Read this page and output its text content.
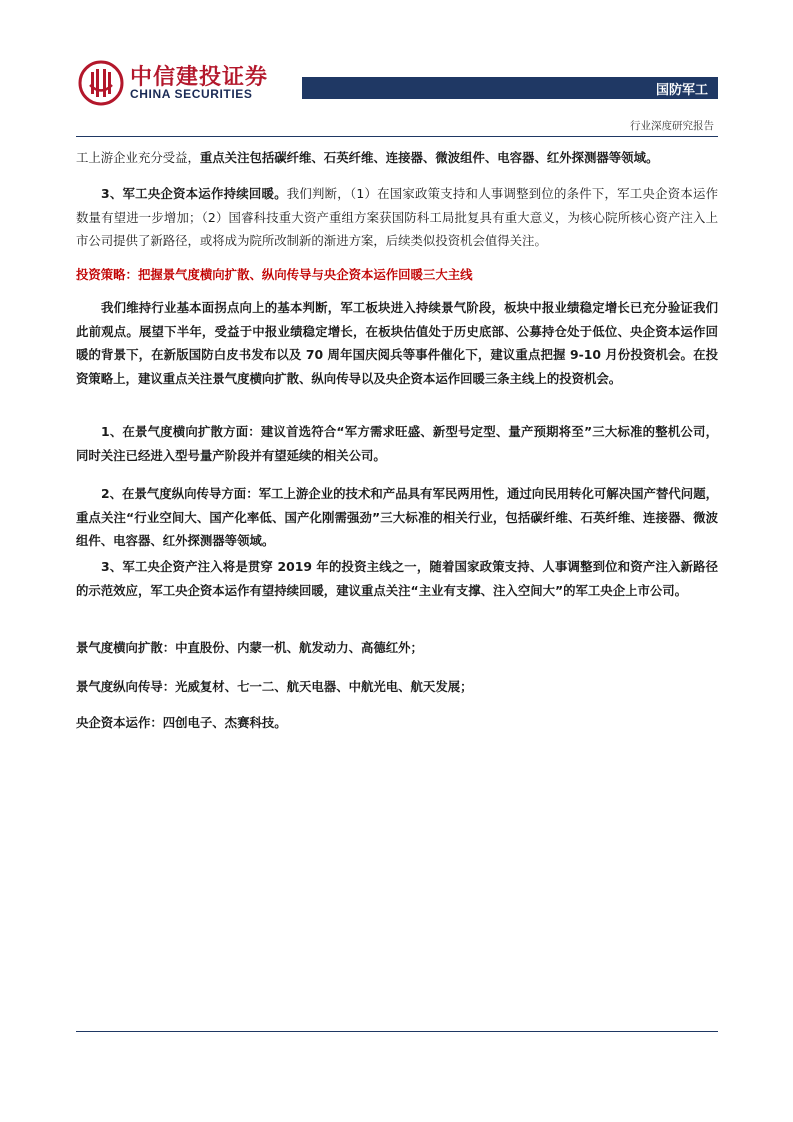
中信建投证券
CHINA SECURITIES	国防军工
行业深度研究报告

工上游企业充分受益，重点关注包括碳纤维、石英纤维、连接器、微波组件、电容器、红外探测器等领域。

3、军工央企资本运作持续回暖。我们判断，（1）在国家政策支持和人事调整到位的条件下，军工央企资本运作数量有望进一步增加；（2）国睿科技重大资产重组方案获国防科工局批复具有重大意义，为核心院所核心资产注入上市公司提供了新路径，或将成为院所改制新的渐进方案，后续类似投资机会值得关注。

投资策略：把握景气度横向扩散、纵向传导与央企资本运作回暖三大主线

我们维持行业基本面拐点向上的基本判断，军工板块进入持续景气阶段，板块中报业绩稳定增长已充分验证我们此前观点。展望下半年，受益于中报业绩稳定增长，在板块估值处于历史底部、公募持仓处于低位、央企资本运作回暖的背景下，在新版国防白皮书发布以及 70 周年国庆阅兵等事件催化下，建议重点把握 9-10 月份投资机会。在投资策略上，建议重点关注景气度横向扩散、纵向传导以及央企资本运作回暖三条主线上的投资机会。

1、在景气度横向扩散方面：建议首选符合“军方需求旺盛、新型号定型、量产预期将至”三大标准的整机公司，同时关注已经进入型号量产阶段并有望延续的相关公司。

2、在景气度纵向传导方面：军工上游企业的技术和产品具有军民两用性，通过向民用转化可解决国产替代问题，重点关注“行业空间大、国产化率低、国产化刚需强劲”三大标准的相关行业，包括碳纤维、石英纤维、连接器、微波组件、电容器、红外探测器等领域。

3、军工央企资产注入将是贯穿 2019 年的投资主线之一，随着国家政策支持、人事调整到位和资产注入新路径的示范效应，军工央企资本运作有望持续回暖，建议重点关注“主业有支撑、注入空间大”的军工央企上市公司。

景气度横向扩散：中直股份、内蒙一机、航发动力、高德红外；

景气度纵向传导：光威复材、七一二、航天电器、中航光电、航天发展；

央企资本运作：四创电子、杰赛科技。
